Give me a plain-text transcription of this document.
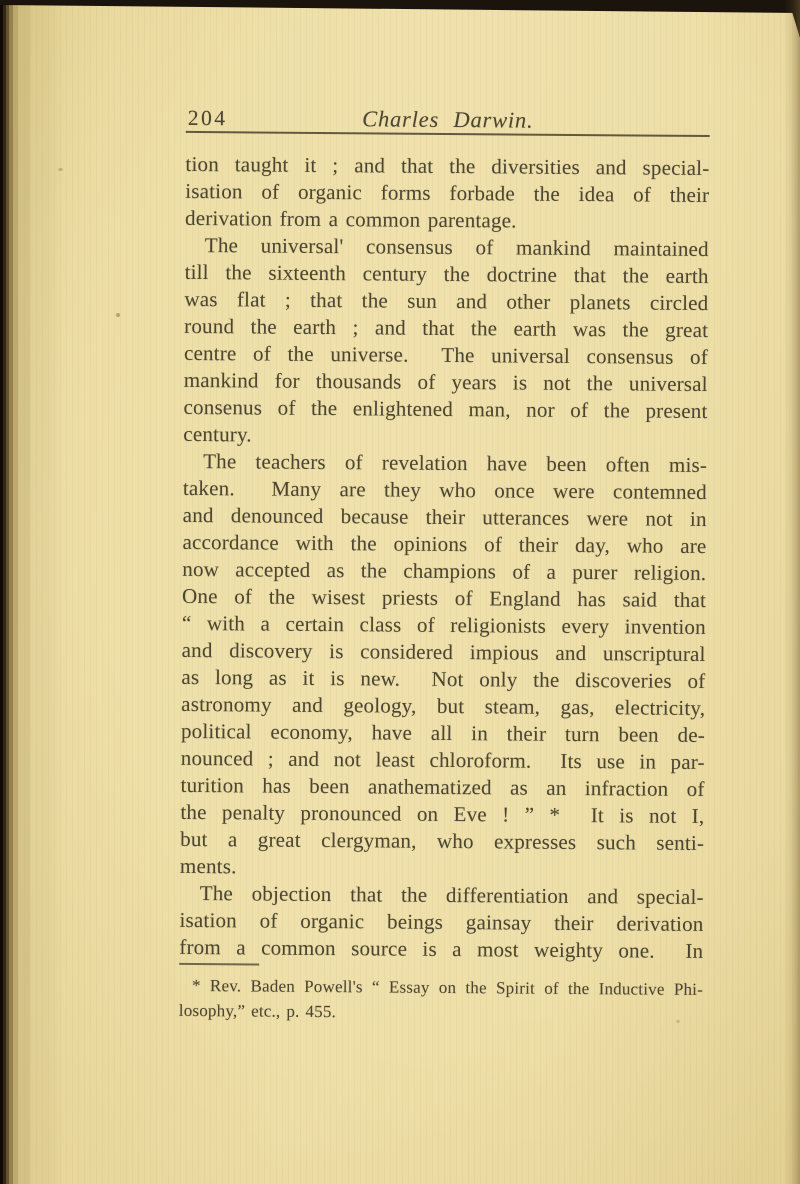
204	Charles Darwin.
tion taught it ; and that the diversities and special-
isation of organic forms forbade the idea of their
derivation from a common parentage.
The universal' consensus of mankind maintained
till the sixteenth century the doctrine that the earth
was flat ; that the sun and other planets circled
round the earth ; and that the earth was the great
centre of the universe.  The universal consensus of
mankind for thousands of years is not the universal
consenus of the enlightened man, nor of the present
century.
The teachers of revelation have been often mis-
taken.  Many are they who once were contemned
and denounced because their utterances were not in
accordance with the opinions of their day, who are
now accepted as the champions of a purer religion.
One of the wisest priests of England has said that
“ with a certain class of religionists every invention
and discovery is considered impious and unscriptural
as long as it is new.  Not only the discoveries of
astronomy and geology, but steam, gas, electricity,
political economy, have all in their turn been de-
nounced ; and not least chloroform.  Its use in par-
turition has been anathematized as an infraction of
the penalty pronounced on Eve ! ” *  It is not I,
but a great clergyman, who expresses such senti-
ments.
The objection that the differentiation and special-
isation of organic beings gainsay their derivation
from a common source is a most weighty one.  In
* Rev. Baden Powell's “ Essay on the Spirit of the Inductive Phi-
losophy,” etc., p. 455.
